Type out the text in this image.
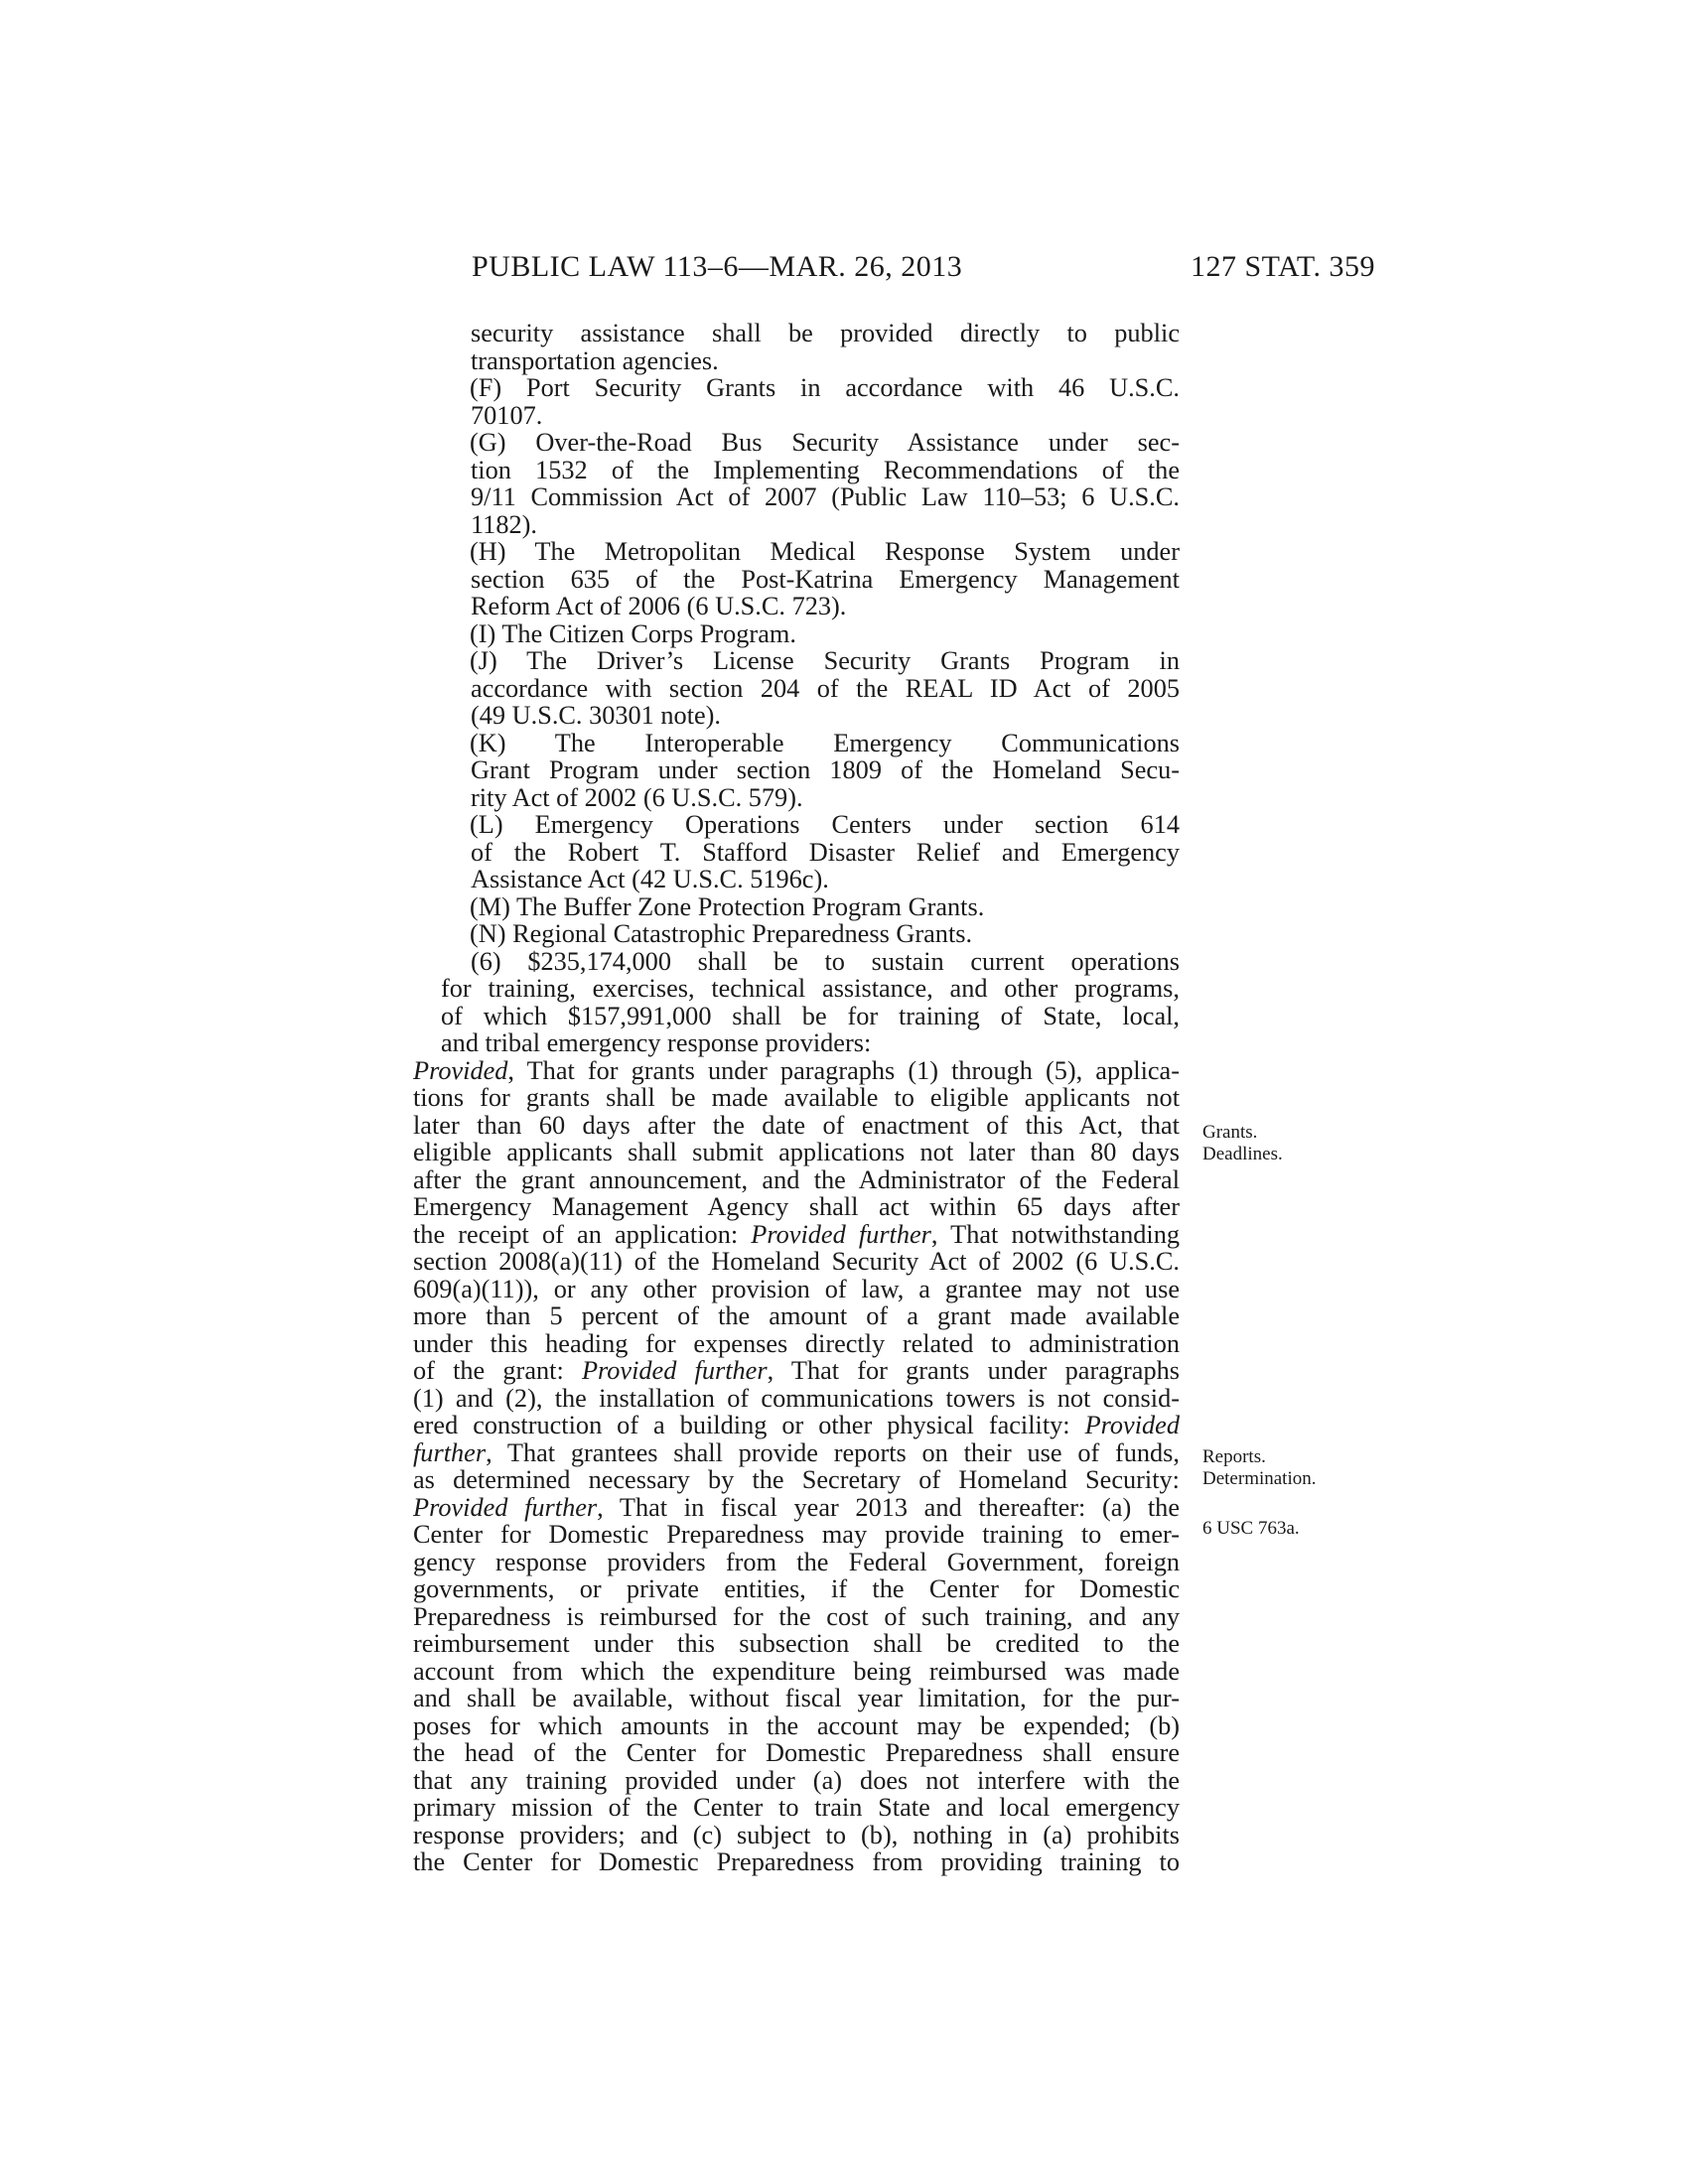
PUBLIC LAW 113–6—MAR. 26, 2013	127 STAT. 359
security assistance shall be provided directly to public
transportation agencies.
(F) Port Security Grants in accordance with 46 U.S.C.
70107.
(G) Over-the-Road Bus Security Assistance under sec-
tion 1532 of the Implementing Recommendations of the
9/11 Commission Act of 2007 (Public Law 110–53; 6 U.S.C.
1182).
(H) The Metropolitan Medical Response System under
section 635 of the Post-Katrina Emergency Management
Reform Act of 2006 (6 U.S.C. 723).
(I) The Citizen Corps Program.
(J) The Driver’s License Security Grants Program in
accordance with section 204 of the REAL ID Act of 2005
(49 U.S.C. 30301 note).
(K) The Interoperable Emergency Communications
Grant Program under section 1809 of the Homeland Secu-
rity Act of 2002 (6 U.S.C. 579).
(L) Emergency Operations Centers under section 614
of the Robert T. Stafford Disaster Relief and Emergency
Assistance Act (42 U.S.C. 5196c).
(M) The Buffer Zone Protection Program Grants.
(N) Regional Catastrophic Preparedness Grants.
(6) $235,174,000 shall be to sustain current operations
for training, exercises, technical assistance, and other programs,
of which $157,991,000 shall be for training of State, local,
and tribal emergency response providers:
Provided, That for grants under paragraphs (1) through (5), applica-
tions for grants shall be made available to eligible applicants not
later than 60 days after the date of enactment of this Act, that
eligible applicants shall submit applications not later than 80 days
after the grant announcement, and the Administrator of the Federal
Emergency Management Agency shall act within 65 days after
the receipt of an application: Provided further, That notwithstanding
section 2008(a)(11) of the Homeland Security Act of 2002 (6 U.S.C.
609(a)(11)), or any other provision of law, a grantee may not use
more than 5 percent of the amount of a grant made available
under this heading for expenses directly related to administration
of the grant: Provided further, That for grants under paragraphs
(1) and (2), the installation of communications towers is not consid-
ered construction of a building or other physical facility: Provided
further, That grantees shall provide reports on their use of funds,
as determined necessary by the Secretary of Homeland Security:
Provided further, That in fiscal year 2013 and thereafter: (a) the
Center for Domestic Preparedness may provide training to emer-
gency response providers from the Federal Government, foreign
governments, or private entities, if the Center for Domestic
Preparedness is reimbursed for the cost of such training, and any
reimbursement under this subsection shall be credited to the
account from which the expenditure being reimbursed was made
and shall be available, without fiscal year limitation, for the pur-
poses for which amounts in the account may be expended; (b)
the head of the Center for Domestic Preparedness shall ensure
that any training provided under (a) does not interfere with the
primary mission of the Center to train State and local emergency
response providers; and (c) subject to (b), nothing in (a) prohibits
the Center for Domestic Preparedness from providing training to
Grants.
Deadlines.
Reports.
Determination.
6 USC 763a.
